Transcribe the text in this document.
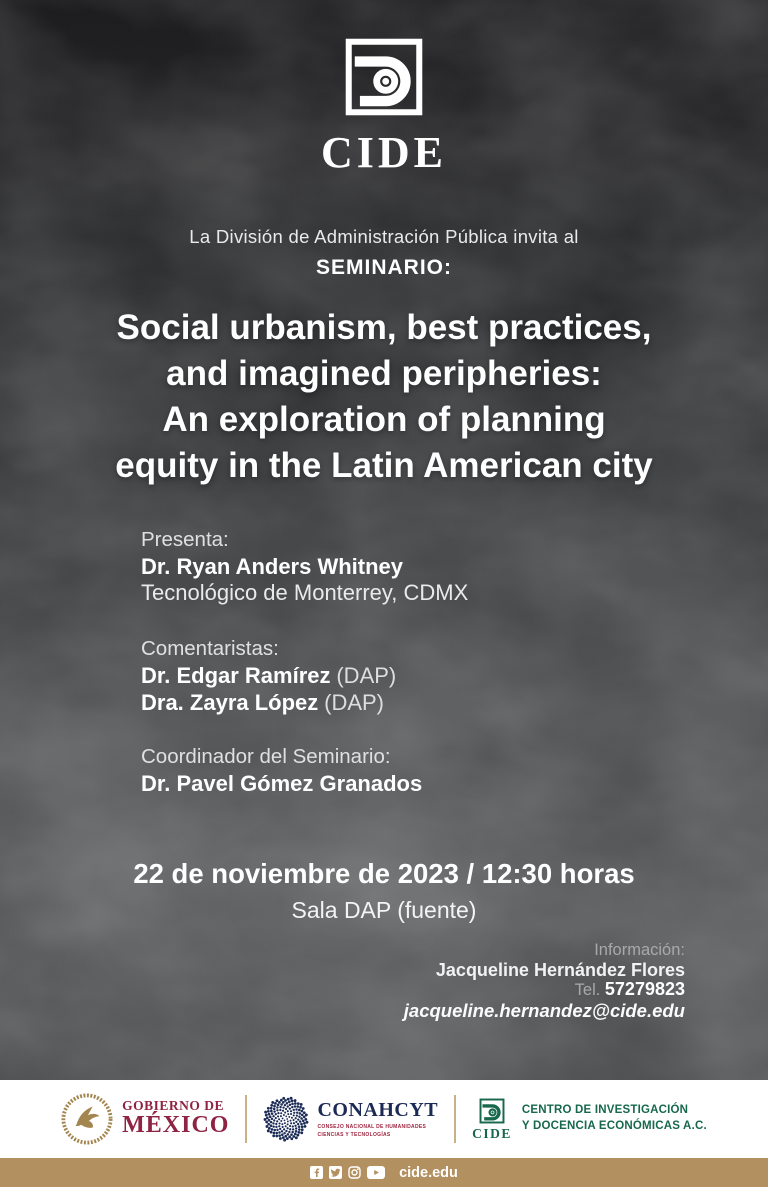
CIDE
La División de Administración Pública invita al
SEMINARIO:
Social urbanism, best practices,
and imagined peripheries:
An exploration of planning
equity in the Latin American city
Presenta:
Dr. Ryan Anders Whitney
Tecnológico de Monterrey, CDMX
Comentaristas:
Dr. Edgar Ramírez (DAP)
Dra. Zayra López (DAP)
Coordinador del Seminario:
Dr. Pavel Gómez Granados
22 de noviembre de 2023 / 12:30 horas
Sala DAP (fuente)
Información:
Jacqueline Hernández Flores
Tel. 57279823
jacqueline.hernandez@cide.edu
GOBIERNO DE
MÉXICO
CONAHCYT
CONSEJO NACIONAL DE HUMANIDADES
CIENCIAS Y TECNOLOGÍAS	CIDE
CENTRO DE INVESTIGACIÓN
Y DOCENCIA ECONÓMICAS A.C.
cide.edu
